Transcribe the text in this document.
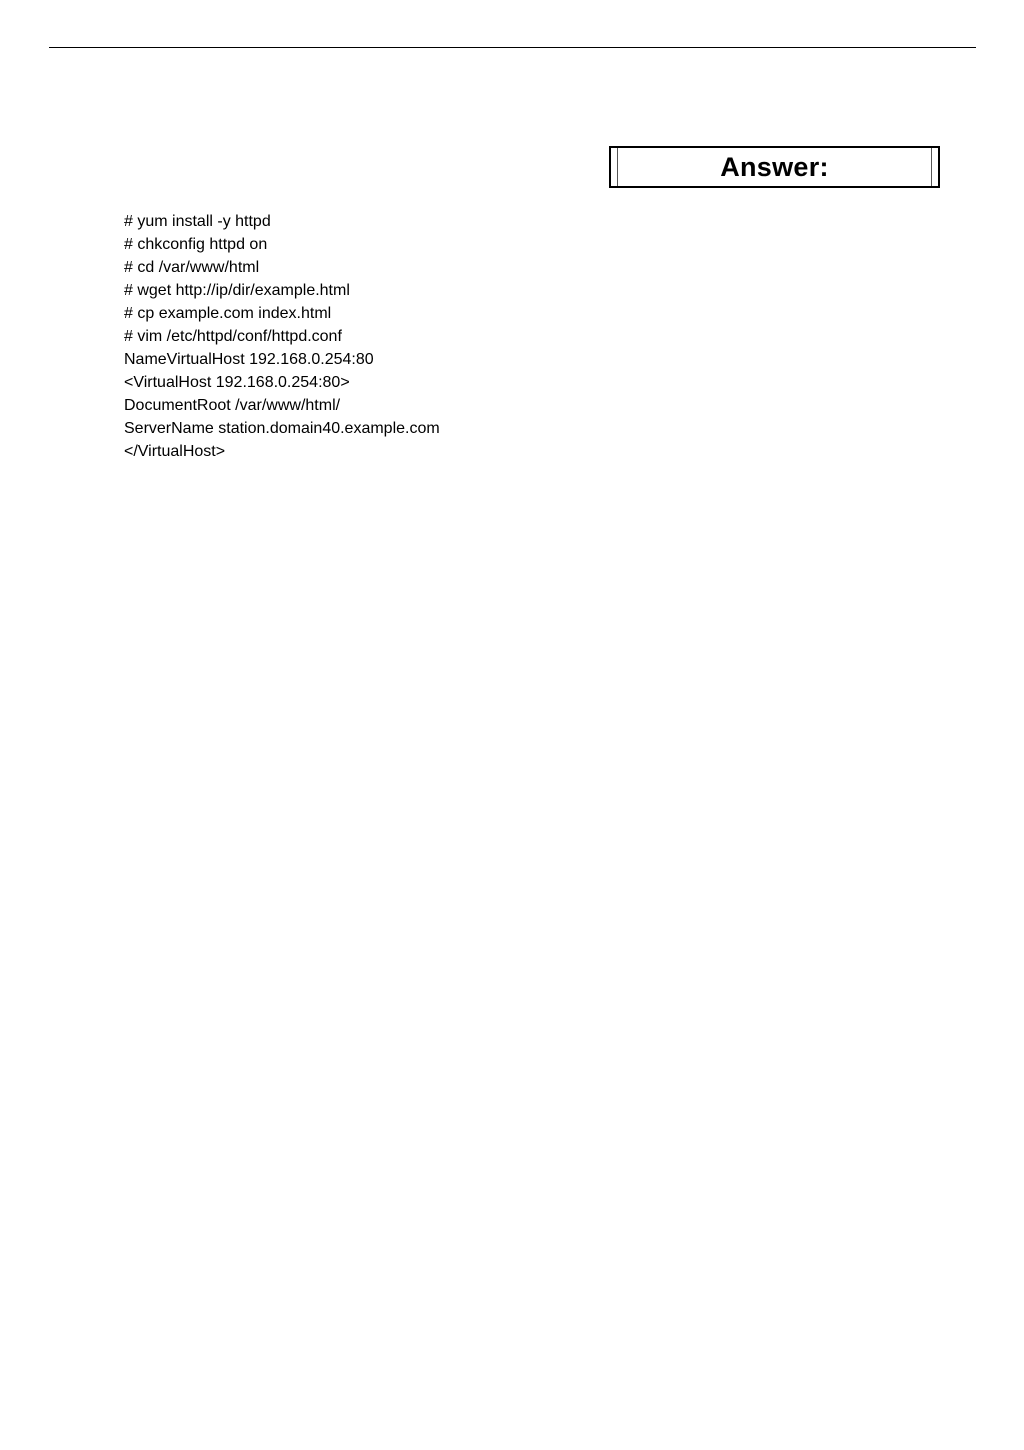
Answer:
# yum install -y httpd
# chkconfig httpd on
# cd /var/www/html
# wget http://ip/dir/example.html
# cp example.com index.html
# vim /etc/httpd/conf/httpd.conf
NameVirtualHost 192.168.0.254:80
<VirtualHost 192.168.0.254:80>
DocumentRoot /var/www/html/
ServerName station.domain40.example.com
</VirtualHost>
